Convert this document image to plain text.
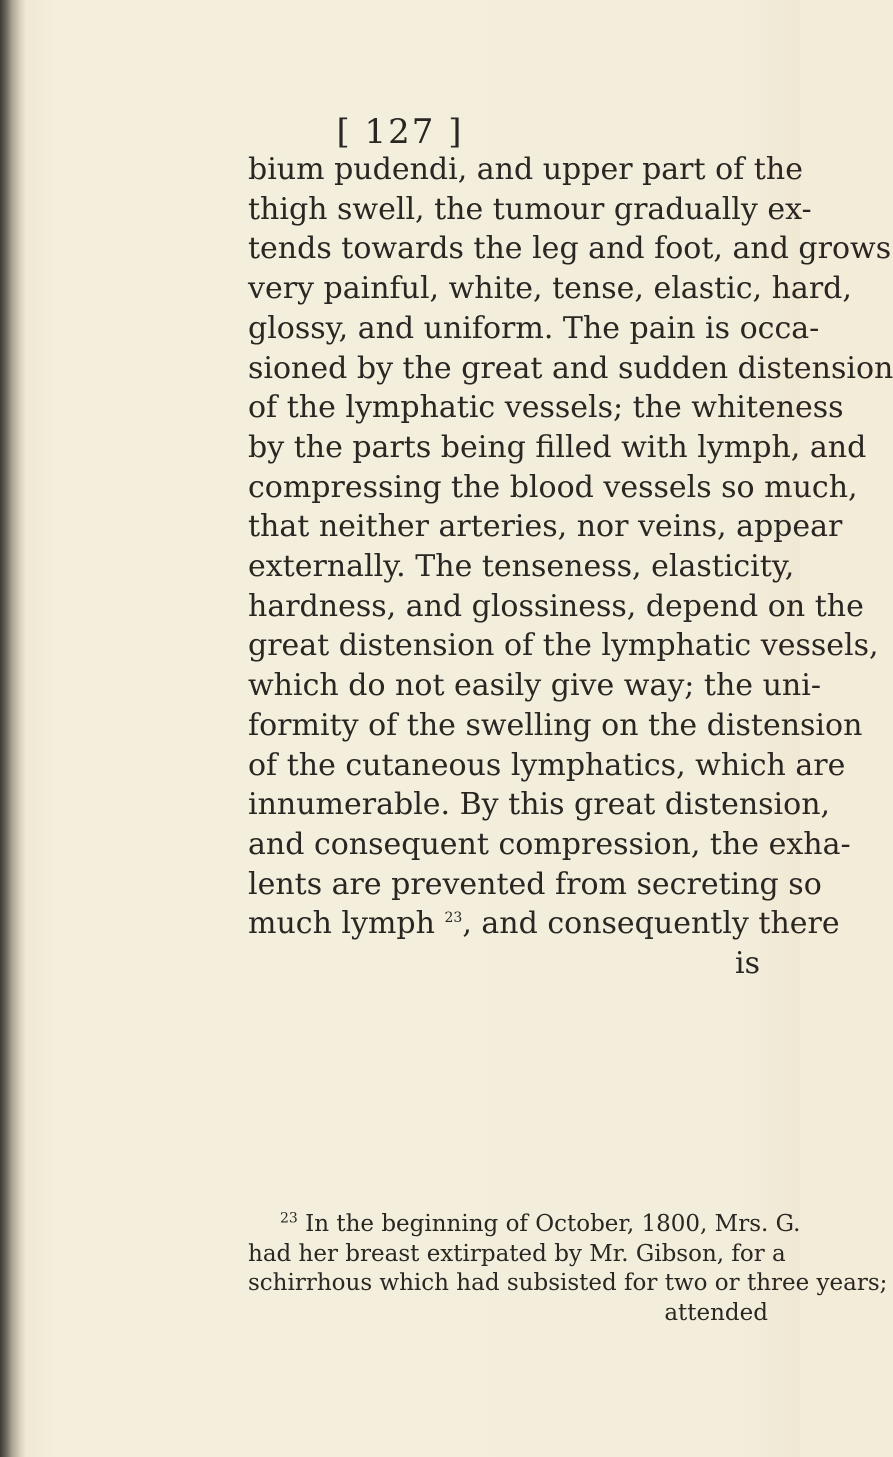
[ 127 ]
bium pudendi, and upper part of the
thigh swell, the tumour gradually ex-
tends towards the leg and foot, and grows
very painful, white, tense, elastic, hard,
glossy, and uniform. The pain is occa-
sioned by the great and sudden distension
of the lymphatic vessels; the whiteness
by the parts being filled with lymph, and
compressing the blood vessels so much,
that neither arteries, nor veins, appear
externally. The tenseness, elasticity,
hardness, and glossiness, depend on the
great distension of the lymphatic vessels,
which do not easily give way; the uni-
formity of the swelling on the distension
of the cutaneous lymphatics, which are
innumerable. By this great distension,
and consequent compression, the exha-
lents are prevented from secreting so
much lymph $^{23}$, and consequently there
is
$^{23}$ In the beginning of October, 1800, Mrs. G.
had her breast extirpated by Mr. Gibson, for a
schirrhous which had subsisted for two or three years;
attended
